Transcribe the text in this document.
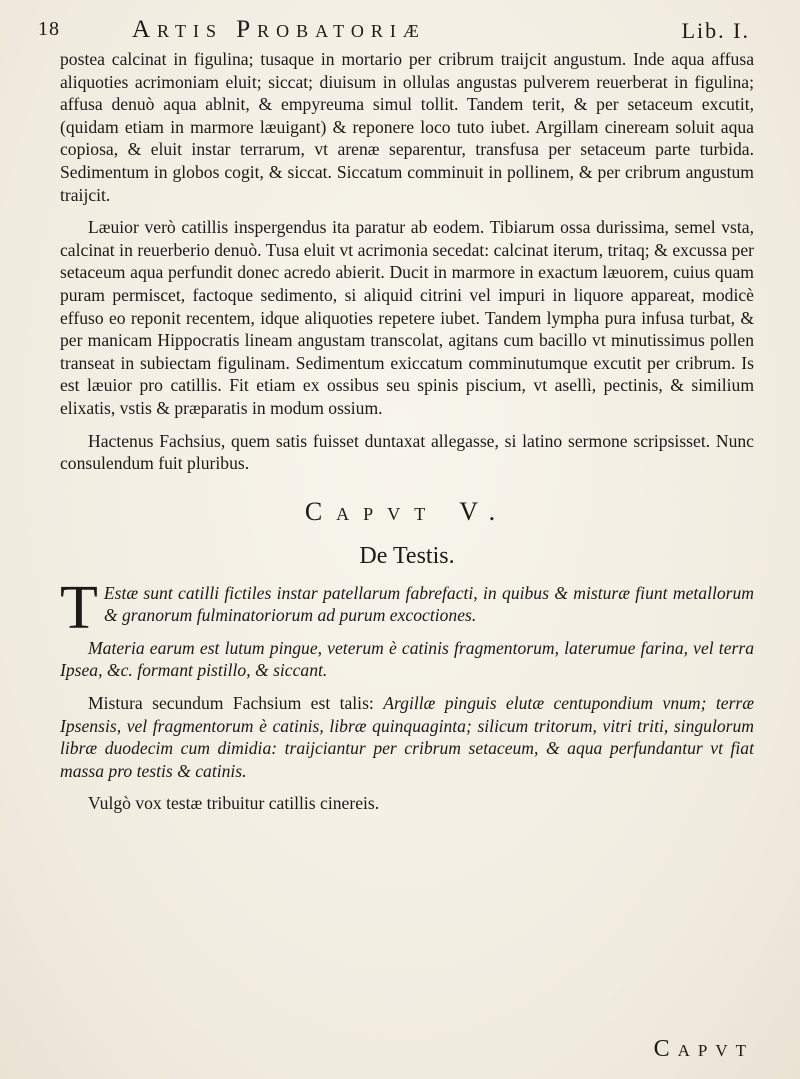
18	Artis Probatoriæ	Lib. I.

postea calcinat in figulina; tusaque in mortario per cribrum traijcit angustum. Inde aqua affusa aliquoties acrimoniam eluit; siccat; diuisum in ollulas angustas pulverem reuerberat in figulina; affusa denuò aqua ablnit, & empyreuma simul tollit. Tandem terit, & per setaceum excutit, (quidam etiam in marmore læuigant) & reponere loco tuto iubet. Argillam cineream soluit aqua copiosa, & eluit instar terrarum, vt arenæ separentur, transfusa per setaceum parte turbida. Sedimentum in globos cogit, & siccat. Siccatum comminuit in pollinem, & per cribrum angustum traijcit.

Læuior verò catillis inspergendus ita paratur ab eodem. Tibiarum ossa durissima, semel vsta, calcinat in reuerberio denuò. Tusa eluit vt acrimonia secedat: calcinat iterum, tritaq; & excussa per setaceum aqua perfundit donec acredo abierit. Ducit in marmore in exactum læuorem, cuius quam puram permiscet, factoque sedimento, si aliquid citrini vel impuri in liquore appareat, modicè effuso eo reponit recentem, idque aliquoties repetere iubet. Tandem lympha pura infusa turbat, & per manicam Hippocratis lineam angustam transcolat, agitans cum bacillo vt minutissimus pollen transeat in subiectam figulinam. Sedimentum exiccatum comminutumque excutit per cribrum. Is est læuior pro catillis. Fit etiam ex ossibus seu spinis piscium, vt asellì, pectinis, & similium elixatis, vstis & præparatis in modum ossium.

Hactenus Fachsius, quem satis fuisset duntaxat allegasse, si latino sermone scripsisset. Nunc consulendum fuit pluribus.

Capvt V.
De Testis.

T Estæ sunt catilli fictiles instar patellarum fabrefacti, in quibus & misturæ fiunt metallorum & granorum fulminatoriorum ad purum excoctiones.

Materia earum est lutum pingue, veterum è catinis fragmentorum, laterumue farina, vel terra Ipsea, &c. formant pistillo, & siccant.

Mistura secundum Fachsium est talis: Argillæ pinguis elutæ centupondium vnum; terræ Ipsensis, vel fragmentorum è catinis, libræ quinquaginta; silicum tritorum, vitri triti, singulorum libræ duodecim cum dimidia: traijciantur per cribrum setaceum, & aqua perfundantur vt fiat massa pro testis & catinis.

Vulgò vox testæ tribuitur catillis cinereis.

Capvt
